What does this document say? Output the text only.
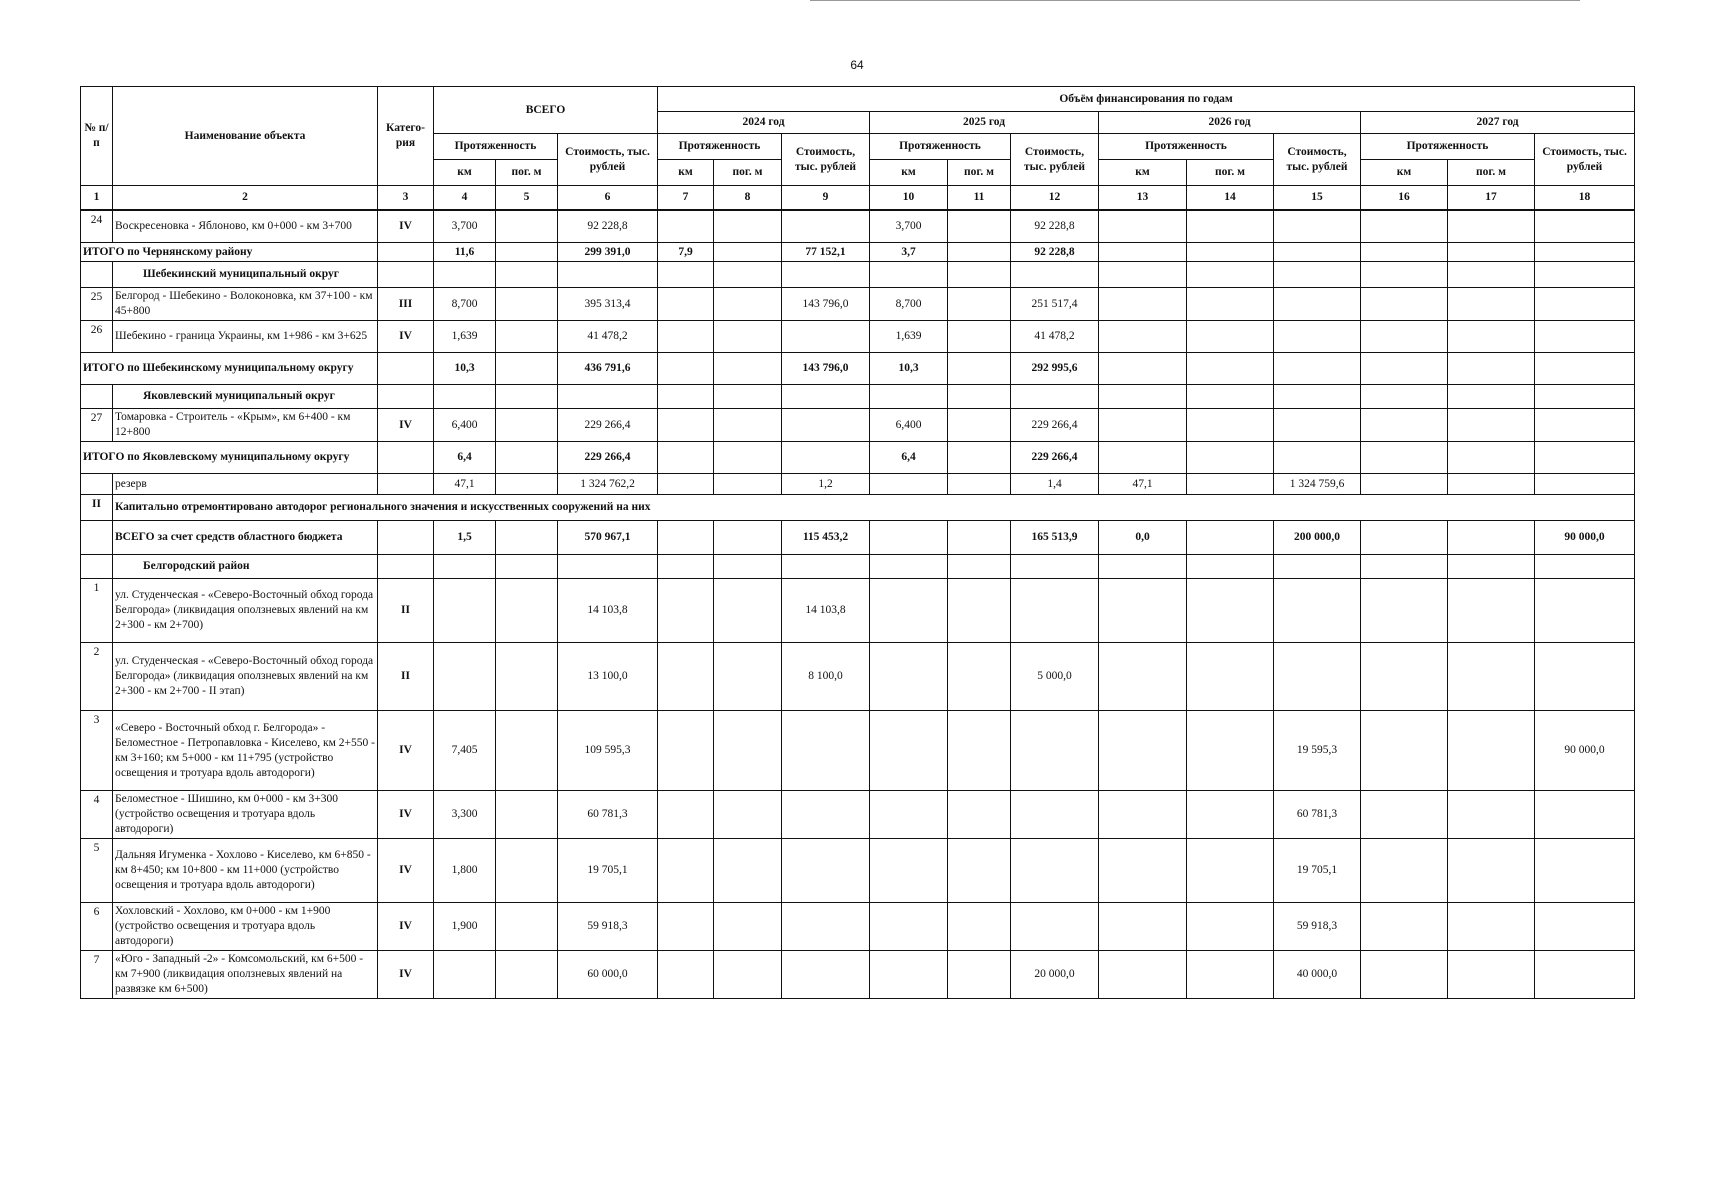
64
№ п/п	Наименование объекта	Катего- рия	ВСЕГО			Объём финансирования по годам											
						2024 год			2025 год			2026 год			2027 год		
			Протяженность		Стоимость, тыс. рублей	Протяженность		Стоимость, тыс. рублей	Протяженность		Стоимость, тыс. рублей	Протяженность		Стоимость, тыс. рублей	Протяженность		Стоимость, тыс. рублей
			км	пог. м		км	пог. м		км	пог. м		км	пог. м		км	пог. м	
1	2	3	4	5	6	7	8	9	10	11	12	13	14	15	16	17	18
24	Воскресеновка - Яблоново, км 0+000 - км 3+700	IV	3,700		92 228,8				3,700		92 228,8						
ИТОГО по Чернянскому району			11,6		299 391,0	7,9		77 152,1	3,7		92 228,8						
	Шебекинский муниципальный округ																
25	Белгород - Шебекино - Волоконовка, км 37+100 - км 45+800	III	8,700		395 313,4			143 796,0	8,700		251 517,4						
26	Шебекино - граница Украины, км 1+986 - км 3+625	IV	1,639		41 478,2				1,639		41 478,2						
ИТОГО по Шебекинскому муниципальному округу			10,3		436 791,6			143 796,0	10,3		292 995,6						
	Яковлевский муниципальный округ																
27	Томаровка - Строитель - «Крым», км 6+400 - км 12+800	IV	6,400		229 266,4				6,400		229 266,4						
ИТОГО по Яковлевскому муниципальному округу			6,4		229 266,4				6,4		229 266,4						
	резерв		47,1		1 324 762,2			1,2			1,4	47,1		1 324 759,6			
II	Капитально отремонтировано автодорог регионального значения и искусственных сооружений на них																
	ВСЕГО за счет средств областного бюджета		1,5		570 967,1			115 453,2			165 513,9	0,0		200 000,0			90 000,0
	Белгородский район																
1	ул. Студенческая - «Северо-Восточный обход города Белгорода» (ликвидация оползневых явлений на км 2+300 - км 2+700)	II			14 103,8			14 103,8									
2	ул. Студенческая - «Северо-Восточный обход города Белгорода» (ликвидация оползневых явлений на км 2+300 - км 2+700 - II этап)	II			13 100,0			8 100,0			5 000,0						
3	«Северо - Восточный обход г. Белгорода» - Беломестное - Петропавловка - Киселево, км 2+550 - км 3+160; км 5+000 - км 11+795 (устройство освещения и тротуара вдоль автодороги)	IV	7,405		109 595,3									19 595,3			90 000,0
4	Беломестное - Шишино, км 0+000 - км 3+300 (устройство освещения и тротуара вдоль автодороги)	IV	3,300		60 781,3									60 781,3			
5	Дальняя Игуменка - Хохлово - Киселево, км 6+850 - км 8+450; км 10+800 - км 11+000 (устройство освещения и тротуара вдоль автодороги)	IV	1,800		19 705,1									19 705,1			
6	Хохловский - Хохлово, км 0+000 - км 1+900 (устройство освещения и тротуара вдоль автодороги)	IV	1,900		59 918,3									59 918,3			
7	«Юго - Западный -2» - Комсомольский, км 6+500 - км 7+900 (ликвидация оползневых явлений на развязке км 6+500)	IV			60 000,0						20 000,0			40 000,0			
